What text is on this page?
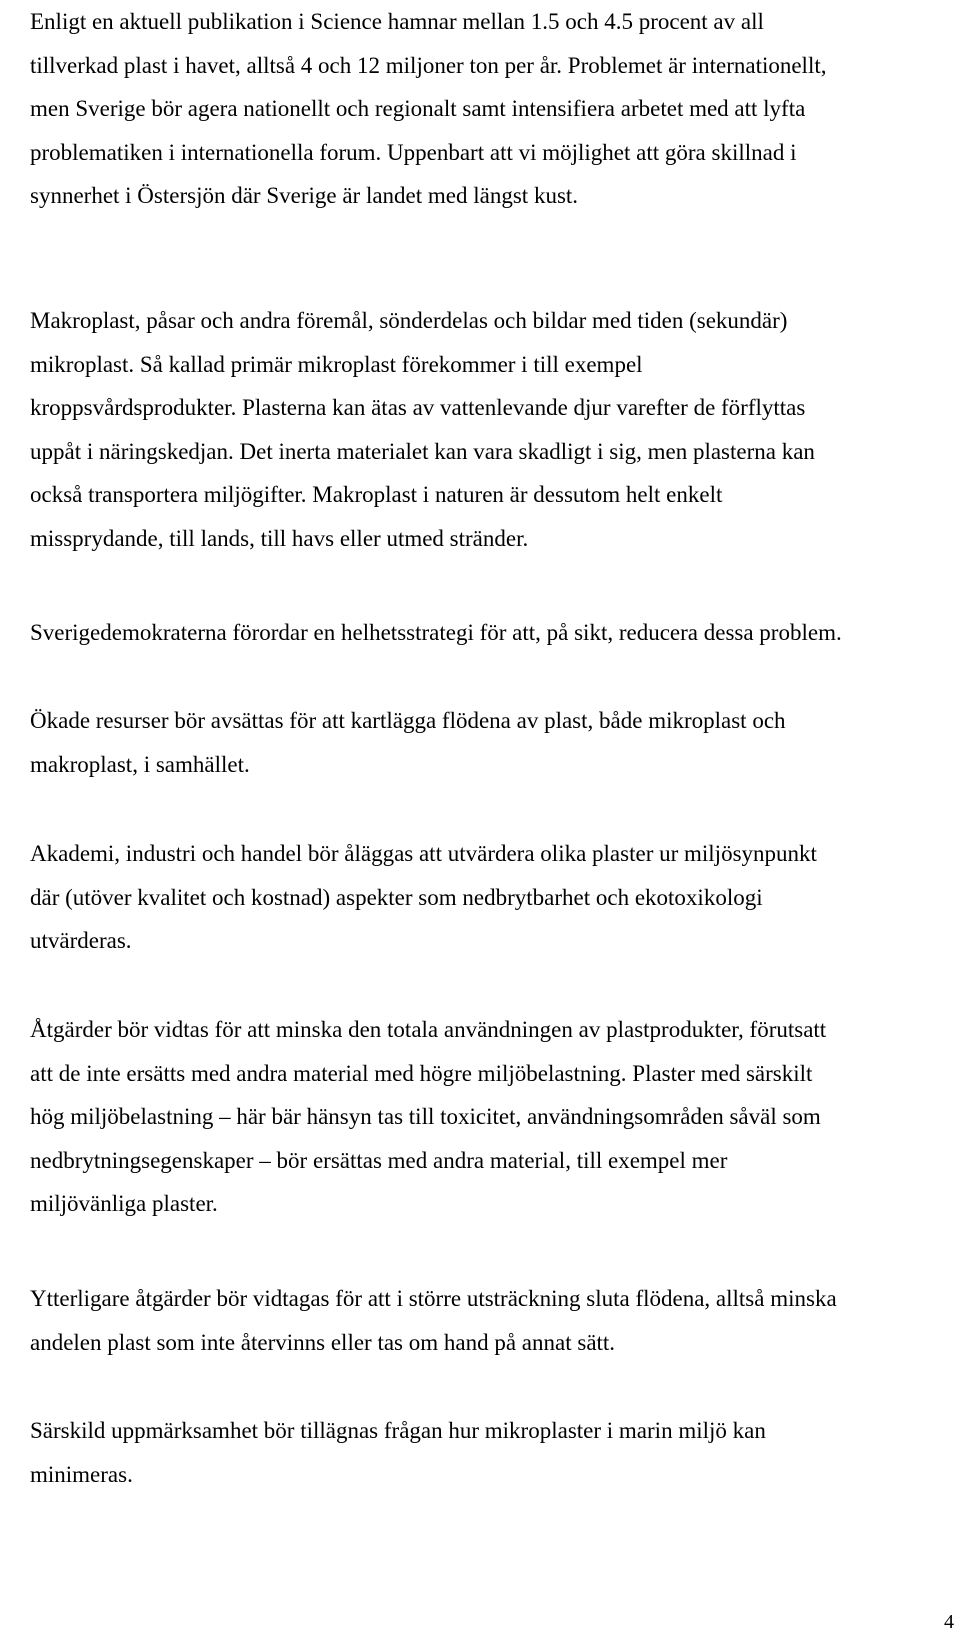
Enligt en aktuell publikation i Science hamnar mellan 1.5 och 4.5 procent av all
tillverkad plast i havet, alltså 4 och 12 miljoner ton per år. Problemet är internationellt,
men Sverige bör agera nationellt och regionalt samt intensifiera arbetet med att lyfta
problematiken i internationella forum. Uppenbart att vi möjlighet att göra skillnad i
synnerhet i Östersjön där Sverige är landet med längst kust.

Makroplast, påsar och andra föremål, sönderdelas och bildar med tiden (sekundär)
mikroplast. Så kallad primär mikroplast förekommer i till exempel
kroppsvårdsprodukter. Plasterna kan ätas av vattenlevande djur varefter de förflyttas
uppåt i näringskedjan. Det inerta materialet kan vara skadligt i sig, men plasterna kan
också transportera miljögifter. Makroplast i naturen är dessutom helt enkelt
missprydande, till lands, till havs eller utmed stränder.

Sverigedemokraterna förordar en helhetsstrategi för att, på sikt, reducera dessa problem.

Ökade resurser bör avsättas för att kartlägga flödena av plast, både mikroplast och
makroplast, i samhället.

Akademi, industri och handel bör åläggas att utvärdera olika plaster ur miljösynpunkt
där (utöver kvalitet och kostnad) aspekter som nedbrytbarhet och ekotoxikologi
utvärderas.

Åtgärder bör vidtas för att minska den totala användningen av plastprodukter, förutsatt
att de inte ersätts med andra material med högre miljöbelastning. Plaster med särskilt
hög miljöbelastning – här bär hänsyn tas till toxicitet, användningsområden såväl som
nedbrytningsegenskaper – bör ersättas med andra material, till exempel mer
miljövänliga plaster.

Ytterligare åtgärder bör vidtagas för att i större utsträckning sluta flödena, alltså minska
andelen plast som inte återvinns eller tas om hand på annat sätt.

Särskild uppmärksamhet bör tillägnas frågan hur mikroplaster i marin miljö kan
minimeras.

4
